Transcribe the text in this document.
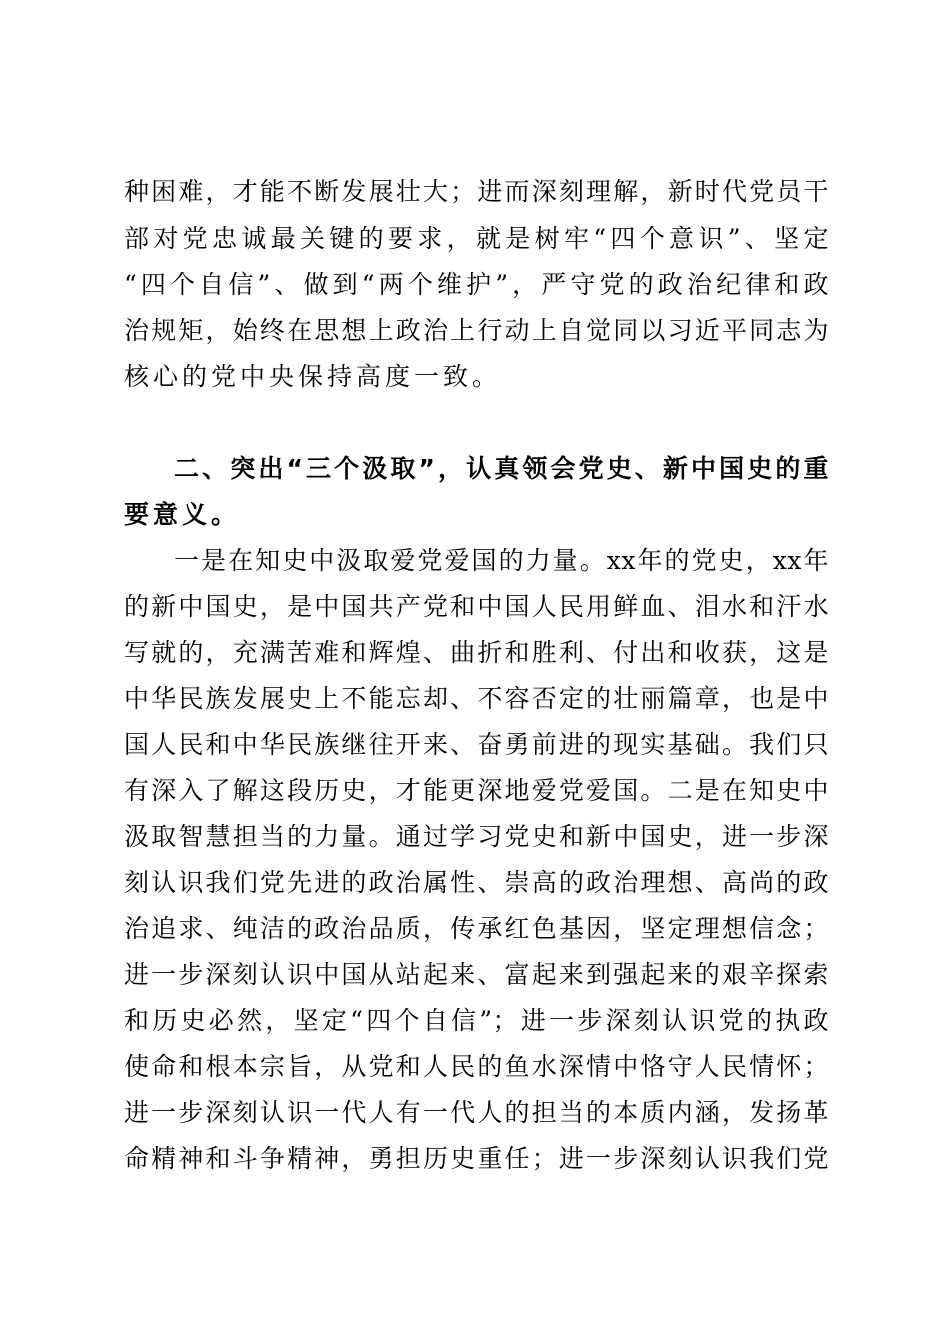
种困难，才能不断发展壮大；进而深刻理解，新时代党员干
部对党忠诚最关键的要求，就是树牢“四个意识”、坚定
“四个自信”、做到“两个维护”，严守党的政治纪律和政
治规矩，始终在思想上政治上行动上自觉同以习近平同志为
核心的党中央保持高度一致。
二、突出“三个汲取”，认真领会党史、新中国史的重
要意义。
一是在知史中汲取爱党爱国的力量。xx年的党史，xx年
的新中国史，是中国共产党和中国人民用鲜血、泪水和汗水
写就的，充满苦难和辉煌、曲折和胜利、付出和收获，这是
中华民族发展史上不能忘却、不容否定的壮丽篇章，也是中
国人民和中华民族继往开来、奋勇前进的现实基础。我们只
有深入了解这段历史，才能更深地爱党爱国。二是在知史中
汲取智慧担当的力量。通过学习党史和新中国史，进一步深
刻认识我们党先进的政治属性、崇高的政治理想、高尚的政
治追求、纯洁的政治品质，传承红色基因，坚定理想信念；
进一步深刻认识中国从站起来、富起来到强起来的艰辛探索
和历史必然，坚定“四个自信”；进一步深刻认识党的执政
使命和根本宗旨，从党和人民的鱼水深情中恪守人民情怀；
进一步深刻认识一代人有一代人的担当的本质内涵，发扬革
命精神和斗争精神，勇担历史重任；进一步深刻认识我们党
